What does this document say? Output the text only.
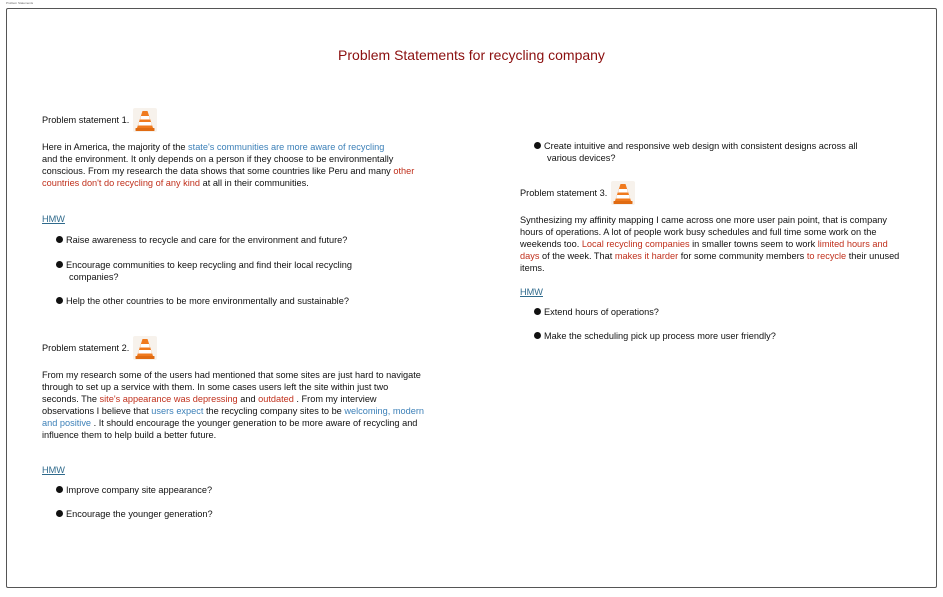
Problem Statements
Problem Statements for recycling company
Problem statement 1.

Here in America, the majority of the state's communities are more aware of recycling
and the environment. It only depends on a person if they choose to be environmentally conscious. From my research the data shows that some countries like Peru and many other countries don't do recycling of any kind at all in their communities.

HMW
Raise awareness to recycle and care for the environment and future?
Encourage communities to keep recycling and find their local recycling
companies?
Help the other countries to be more environmentally and sustainable?
Problem statement 2.

From my research some of the users had mentioned that some sites are just hard to navigate through to set up a service with them. In some cases users left the site within just two seconds. The site's appearance was depressing and outdated . From my interview observations I believe that users expect the recycling company sites to be welcoming, modern and positive . It should encourage the younger generation to be more aware of recycling and influence them to help build a better future.

HMW
Improve company site appearance?
Encourage the younger generation?
Create intuitive and responsive web design with consistent designs across all
various devices?
Problem statement 3.

Synthesizing my affinity mapping I came across one more user pain point, that is company hours of operations. A lot of people work busy schedules and full time some work on the weekends too. Local recycling companies in smaller towns seem to work limited hours and days of the week. That makes it harder for some community members to recycle their unused items.

HMW
Extend hours of operations?
Make the scheduling pick up process more user friendly?
